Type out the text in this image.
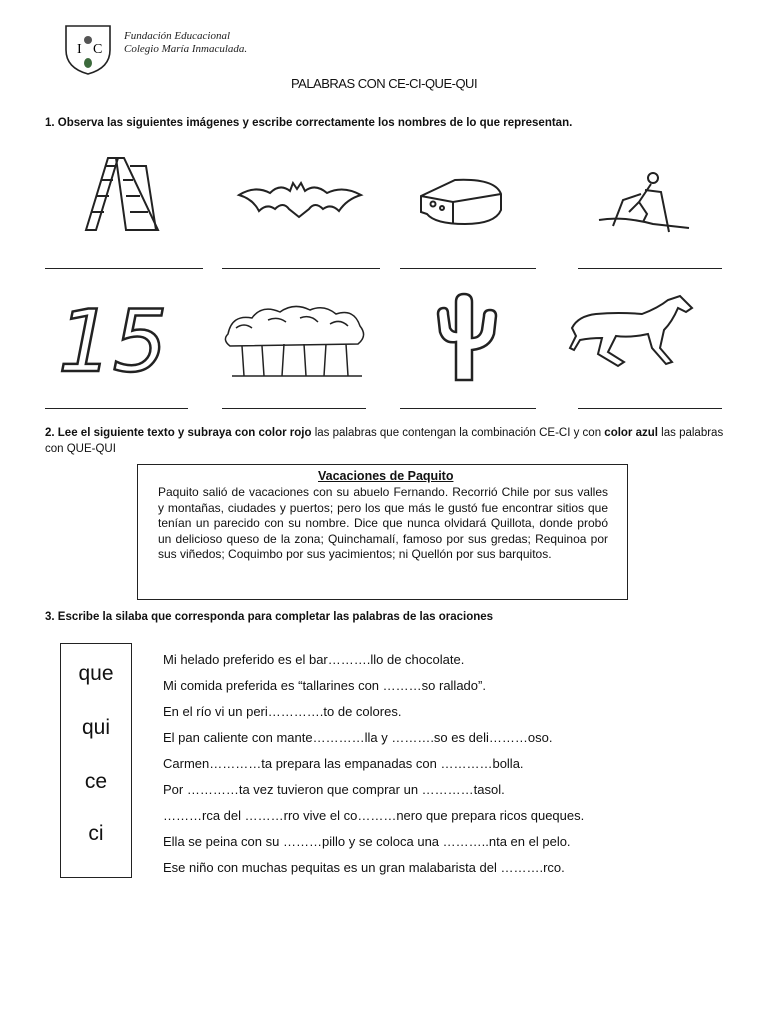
I C
Fundación Educacional
Colegio María Inmaculada.
PALABRAS CON CE-CI-QUE-QUI
1. Observa las siguientes imágenes y escribe correctamente los nombres de lo que representan.
15
2. Lee el siguiente texto y subraya con color rojo las palabras que contengan la combinación CE-CI y con color azul las palabras con QUE-QUI
Vacaciones de Paquito
Paquito salió de vacaciones con su abuelo Fernando. Recorrió Chile por sus valles y montañas, ciudades y puertos; pero los que más le gustó fue encontrar sitios que tenían un parecido con su nombre. Dice que nunca olvidará Quillota, donde probó un delicioso queso de la zona; Quinchamalí, famoso por sus gredas; Requinoa por sus viñedos; Coquimbo por sus yacimientos; ni Quellón por sus barquitos.
3. Escribe la silaba que corresponda para completar las palabras de las oraciones
que
qui
ce
ci
Mi helado preferido es el bar……….llo de chocolate.
Mi comida preferida es “tallarines con ………so rallado”.
En el río vi un peri………….to de colores.
El pan caliente con mante…………lla y ……….so es deli………oso.
Carmen…………ta prepara las empanadas con …………bolla.
Por …………ta vez tuvieron que comprar un …………tasol.
………rca del ………rro vive el co………nero que prepara ricos queques.
Ella se peina con su ………pillo y se coloca una ………..nta en el pelo.
Ese niño con muchas pequitas es un gran malabarista del ……….rco.
